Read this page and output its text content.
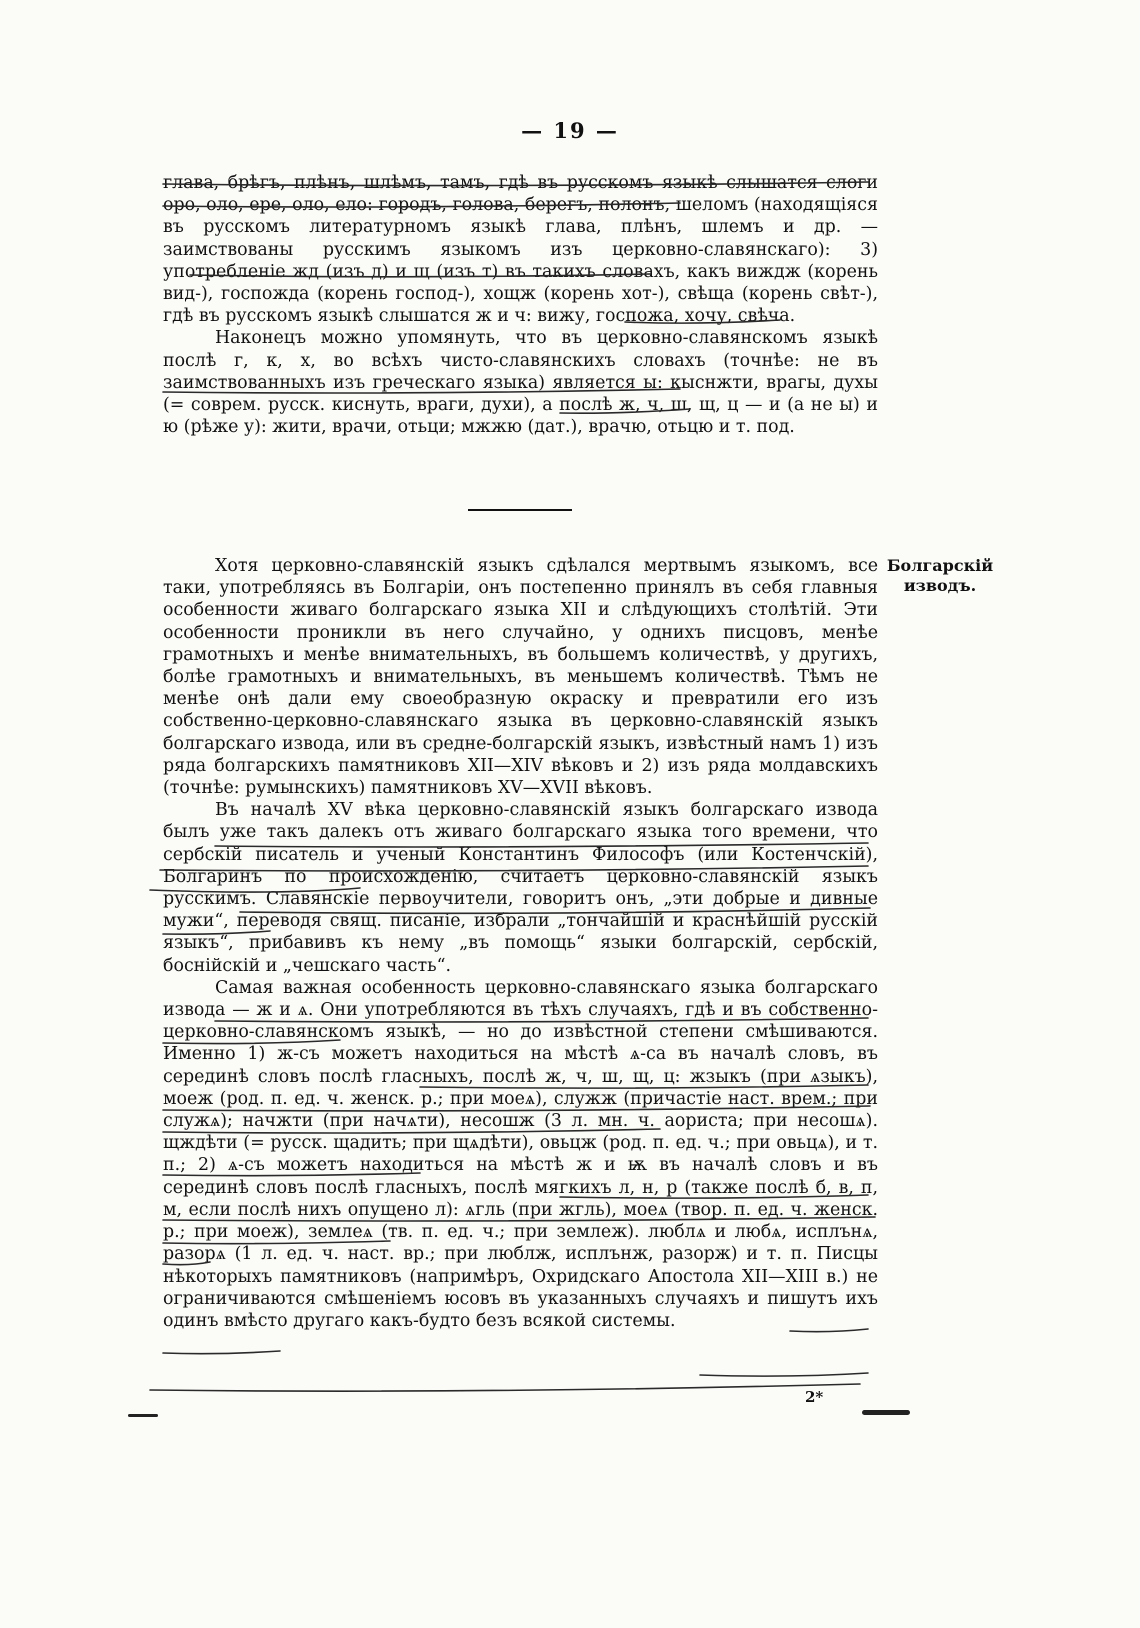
— 19 —

глава, брѣгъ, плѣнъ, шлѣмъ, тамъ, гдѣ въ русскомъ языкѣ слышатся слоги оро, оло, ере, оло, ело: городъ, голова, берегъ, полонъ, шеломъ (находящіяся въ русскомъ литературномъ языкѣ глава, плѣнъ, шлемъ и др. — заимствованы русскимъ языкомъ изъ церковно-славянскаго): 3) употребленіе жд (изъ д) и щ (изъ т) въ такихъ словахъ, какъ виждж (корень вид-), госпожда (корень господ-), хощж (корень хот-), свѣща (корень свѣт-), гдѣ въ русскомъ языкѣ слышатся ж и ч: вижу, госпожа, хочу, свѣча.

Наконецъ можно упомянуть, что въ церковно-славянскомъ языкѣ послѣ г, к, х, во всѣхъ чисто-славянскихъ словахъ (точнѣе: не въ заимствованныхъ изъ греческаго языка) является ы: кыснжти, врагы, духы (= соврем. русск. киснуть, враги, духи), а послѣ ж, ч, ш, щ, ц — и (а не ы) и ю (рѣже у): жити, врачи, отьци; мжжю (дат.), врачю, отьцю и т. под.

Болгарскій
изводъ.

Хотя церковно-славянскій языкъ сдѣлался мертвымъ языкомъ, все таки, употребляясь въ Болгаріи, онъ постепенно принялъ въ себя главныя особенности живаго болгарскаго языка XII и слѣдующихъ столѣтій. Эти особенности проникли въ него случайно, у однихъ писцовъ, менѣе грамотныхъ и менѣе внимательныхъ, въ большемъ количествѣ, у другихъ, болѣе грамотныхъ и внимательныхъ, въ меньшемъ количествѣ. Тѣмъ не менѣе онѣ дали ему своеобразную окраску и превратили его изъ собственно-церковно-славянскаго языка въ церковно-славянскій языкъ болгарскаго извода, или въ средне-болгарскій языкъ, извѣстный намъ 1) изъ ряда болгарскихъ памятниковъ XII—XIV вѣковъ и 2) изъ ряда молдавскихъ (точнѣе: румынскихъ) памятниковъ XV—XVII вѣковъ.

Въ началѣ XV вѣка церковно-славянскій языкъ болгарскаго извода былъ уже такъ далекъ отъ живаго болгарскаго языка того времени, что сербскій писатель и ученый Константинъ Философъ (или Костенчскій), Болгаринъ по происхожденію, считаетъ церковно-славянскій языкъ русскимъ. Славянскіе первоучители, говоритъ онъ, „эти добрые и дивные мужи“, переводя свящ. писаніе, избрали „тончайшій и краснѣйшій русскій языкъ“, прибавивъ къ нему „въ помощь“ языки болгарскій, сербскій, боснійскій и „чешскаго часть“.

Самая важная особенность церковно-славянскаго языка болгарскаго извода — ж и ѧ. Они употребляются въ тѣхъ случаяхъ, гдѣ и въ собственно-церковно-славянскомъ языкѣ, — но до извѣстной степени смѣшиваются. Именно 1) ж-съ можетъ находиться на мѣстѣ ѧ-са въ началѣ словъ, въ серединѣ словъ послѣ гласныхъ, послѣ ж, ч, ш, щ, ц: жзыкъ (при ѧзыкъ), моеж (род. п. ед. ч. женск. р.; при моеѧ), служж (причастіе наст. врем.; при служѧ); начжти (при начѧти), несошж (3 л. мн. ч. аориста; при несошѧ). щждѣти (= русск. щадить; при щѧдѣти), овьцж (род. п. ед. ч.; при овьцѧ), и т. п.; 2) ѧ-съ можетъ находиться на мѣстѣ ж и ѭ въ началѣ словъ и въ серединѣ словъ послѣ гласныхъ, послѣ мягкихъ л, н, р (также послѣ б, в, п, м, если послѣ нихъ опущено л): ѧгль (при жгль), моеѧ (твор. п. ед. ч. женск. р.; при моеж), землеѧ (тв. п. ед. ч.; при землеж). люблѧ и любѧ, исплънѧ, разорѧ (1 л. ед. ч. наст. вр.; при люблж, исплънж, разорж) и т. п. Писцы нѣкоторыхъ памятниковъ (напримѣръ, Охридскаго Апостола XII—XIII в.) не ограничиваются смѣшеніемъ юсовъ въ указанныхъ случаяхъ и пишутъ ихъ одинъ вмѣсто другаго какъ-будто безъ всякой системы.

2*
